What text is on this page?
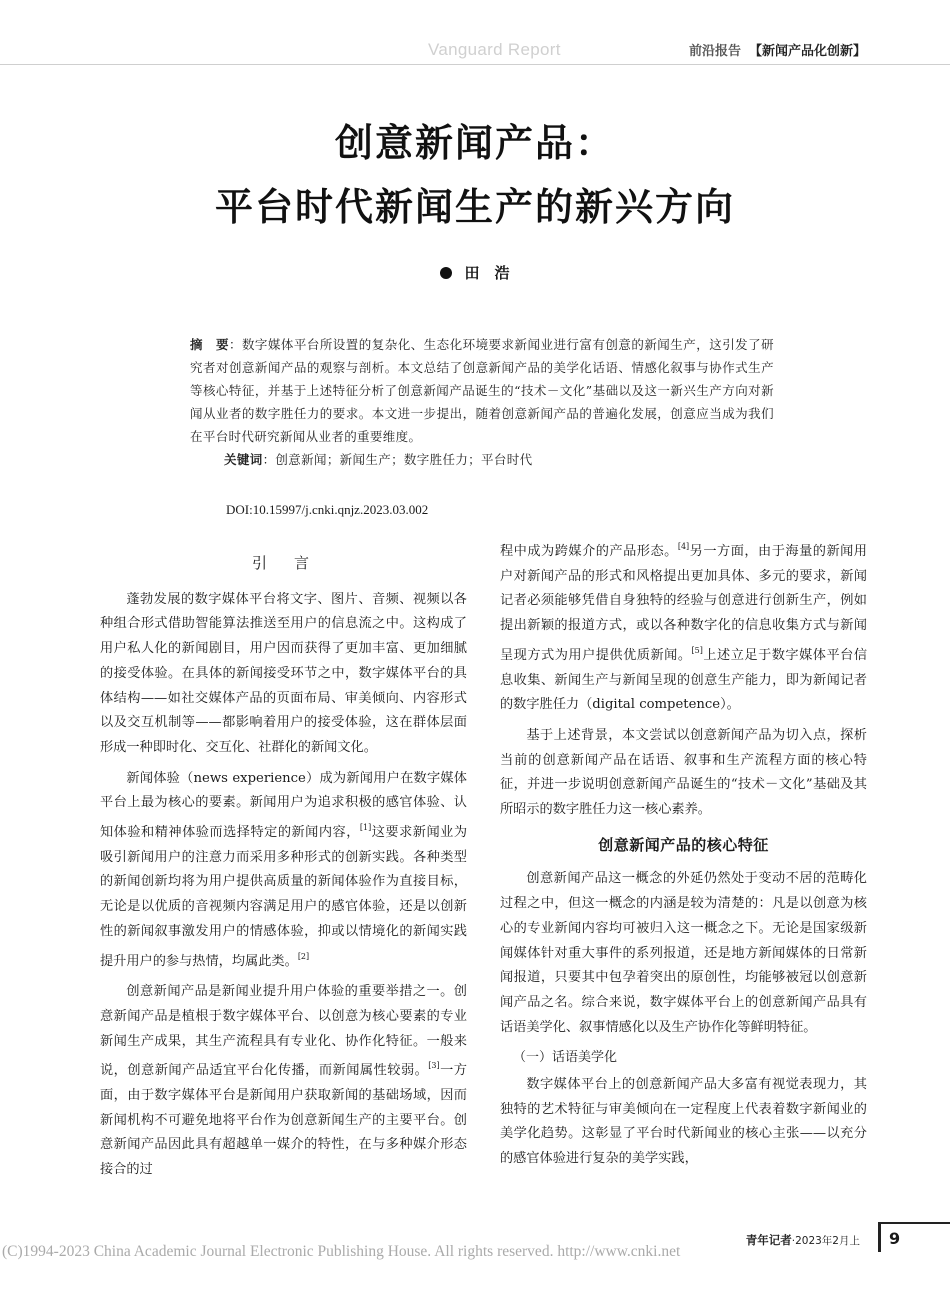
Vanguard Report	前沿报告 【新闻产品化创新】
创意新闻产品：
平台时代新闻生产的新兴方向
田　浩
摘　要：数字媒体平台所设置的复杂化、生态化环境要求新闻业进行富有创意的新闻生产，这引发了研究者对创意新闻产品的观察与剖析。本文总结了创意新闻产品的美学化话语、情感化叙事与协作式生产等核心特征，并基于上述特征分析了创意新闻产品诞生的“技术－文化”基础以及这一新兴生产方向对新闻从业者的数字胜任力的要求。本文进一步提出，随着创意新闻产品的普遍化发展，创意应当成为我们在平台时代研究新闻从业者的重要维度。
关键词：创意新闻；新闻生产；数字胜任力；平台时代
DOI:10.15997/j.cnki.qnjz.2023.03.002
引　言

蓬勃发展的数字媒体平台将文字、图片、音频、视频以各种组合形式借助智能算法推送至用户的信息流之中。这构成了用户私人化的新闻剧目，用户因而获得了更加丰富、更加细腻的接受体验。在具体的新闻接受环节之中，数字媒体平台的具体结构——如社交媒体产品的页面布局、审美倾向、内容形式以及交互机制等——都影响着用户的接受体验，这在群体层面形成一种即时化、交互化、社群化的新闻文化。

新闻体验（news experience）成为新闻用户在数字媒体平台上最为核心的要素。新闻用户为追求积极的感官体验、认知体验和精神体验而选择特定的新闻内容，[1]这要求新闻业为吸引新闻用户的注意力而采用多种形式的创新实践。各种类型的新闻创新均将为用户提供高质量的新闻体验作为直接目标，无论是以优质的音视频内容满足用户的感官体验，还是以创新性的新闻叙事激发用户的情感体验，抑或以情境化的新闻实践提升用户的参与热情，均属此类。[2]

创意新闻产品是新闻业提升用户体验的重要举措之一。创意新闻产品是植根于数字媒体平台、以创意为核心要素的专业新闻生产成果，其生产流程具有专业化、协作化特征。一般来说，创意新闻产品适宜平台化传播，而新闻属性较弱。[3]一方面，由于数字媒体平台是新闻用户获取新闻的基础场域，因而新闻机构不可避免地将平台作为创意新闻生产的主要平台。创意新闻产品因此具有超越单一媒介的特性，在与多种媒介形态接合的过

程中成为跨媒介的产品形态。[4]另一方面，由于海量的新闻用户对新闻产品的形式和风格提出更加具体、多元的要求，新闻记者必须能够凭借自身独特的经验与创意进行创新生产，例如提出新颖的报道方式，或以各种数字化的信息收集方式与新闻呈现方式为用户提供优质新闻。[5]上述立足于数字媒体平台信息收集、新闻生产与新闻呈现的创意生产能力，即为新闻记者的数字胜任力（digital competence）。

基于上述背景，本文尝试以创意新闻产品为切入点，探析当前的创意新闻产品在话语、叙事和生产流程方面的核心特征，并进一步说明创意新闻产品诞生的“技术－文化”基础及其所昭示的数字胜任力这一核心素养。

创意新闻产品的核心特征

创意新闻产品这一概念的外延仍然处于变动不居的范畴化过程之中，但这一概念的内涵是较为清楚的：凡是以创意为核心的专业新闻内容均可被归入这一概念之下。无论是国家级新闻媒体针对重大事件的系列报道，还是地方新闻媒体的日常新闻报道，只要其中包孕着突出的原创性，均能够被冠以创意新闻产品之名。综合来说，数字媒体平台上的创意新闻产品具有话语美学化、叙事情感化以及生产协作化等鲜明特征。

（一）话语美学化

数字媒体平台上的创意新闻产品大多富有视觉表现力，其独特的艺术特征与审美倾向在一定程度上代表着数字新闻业的美学化趋势。这彰显了平台时代新闻业的核心主张——以充分的感官体验进行复杂的美学实践，

青年记者·2023年2月上	9
(C)1994-2023 China Academic Journal Electronic Publishing House. All rights reserved. http://www.cnki.net
